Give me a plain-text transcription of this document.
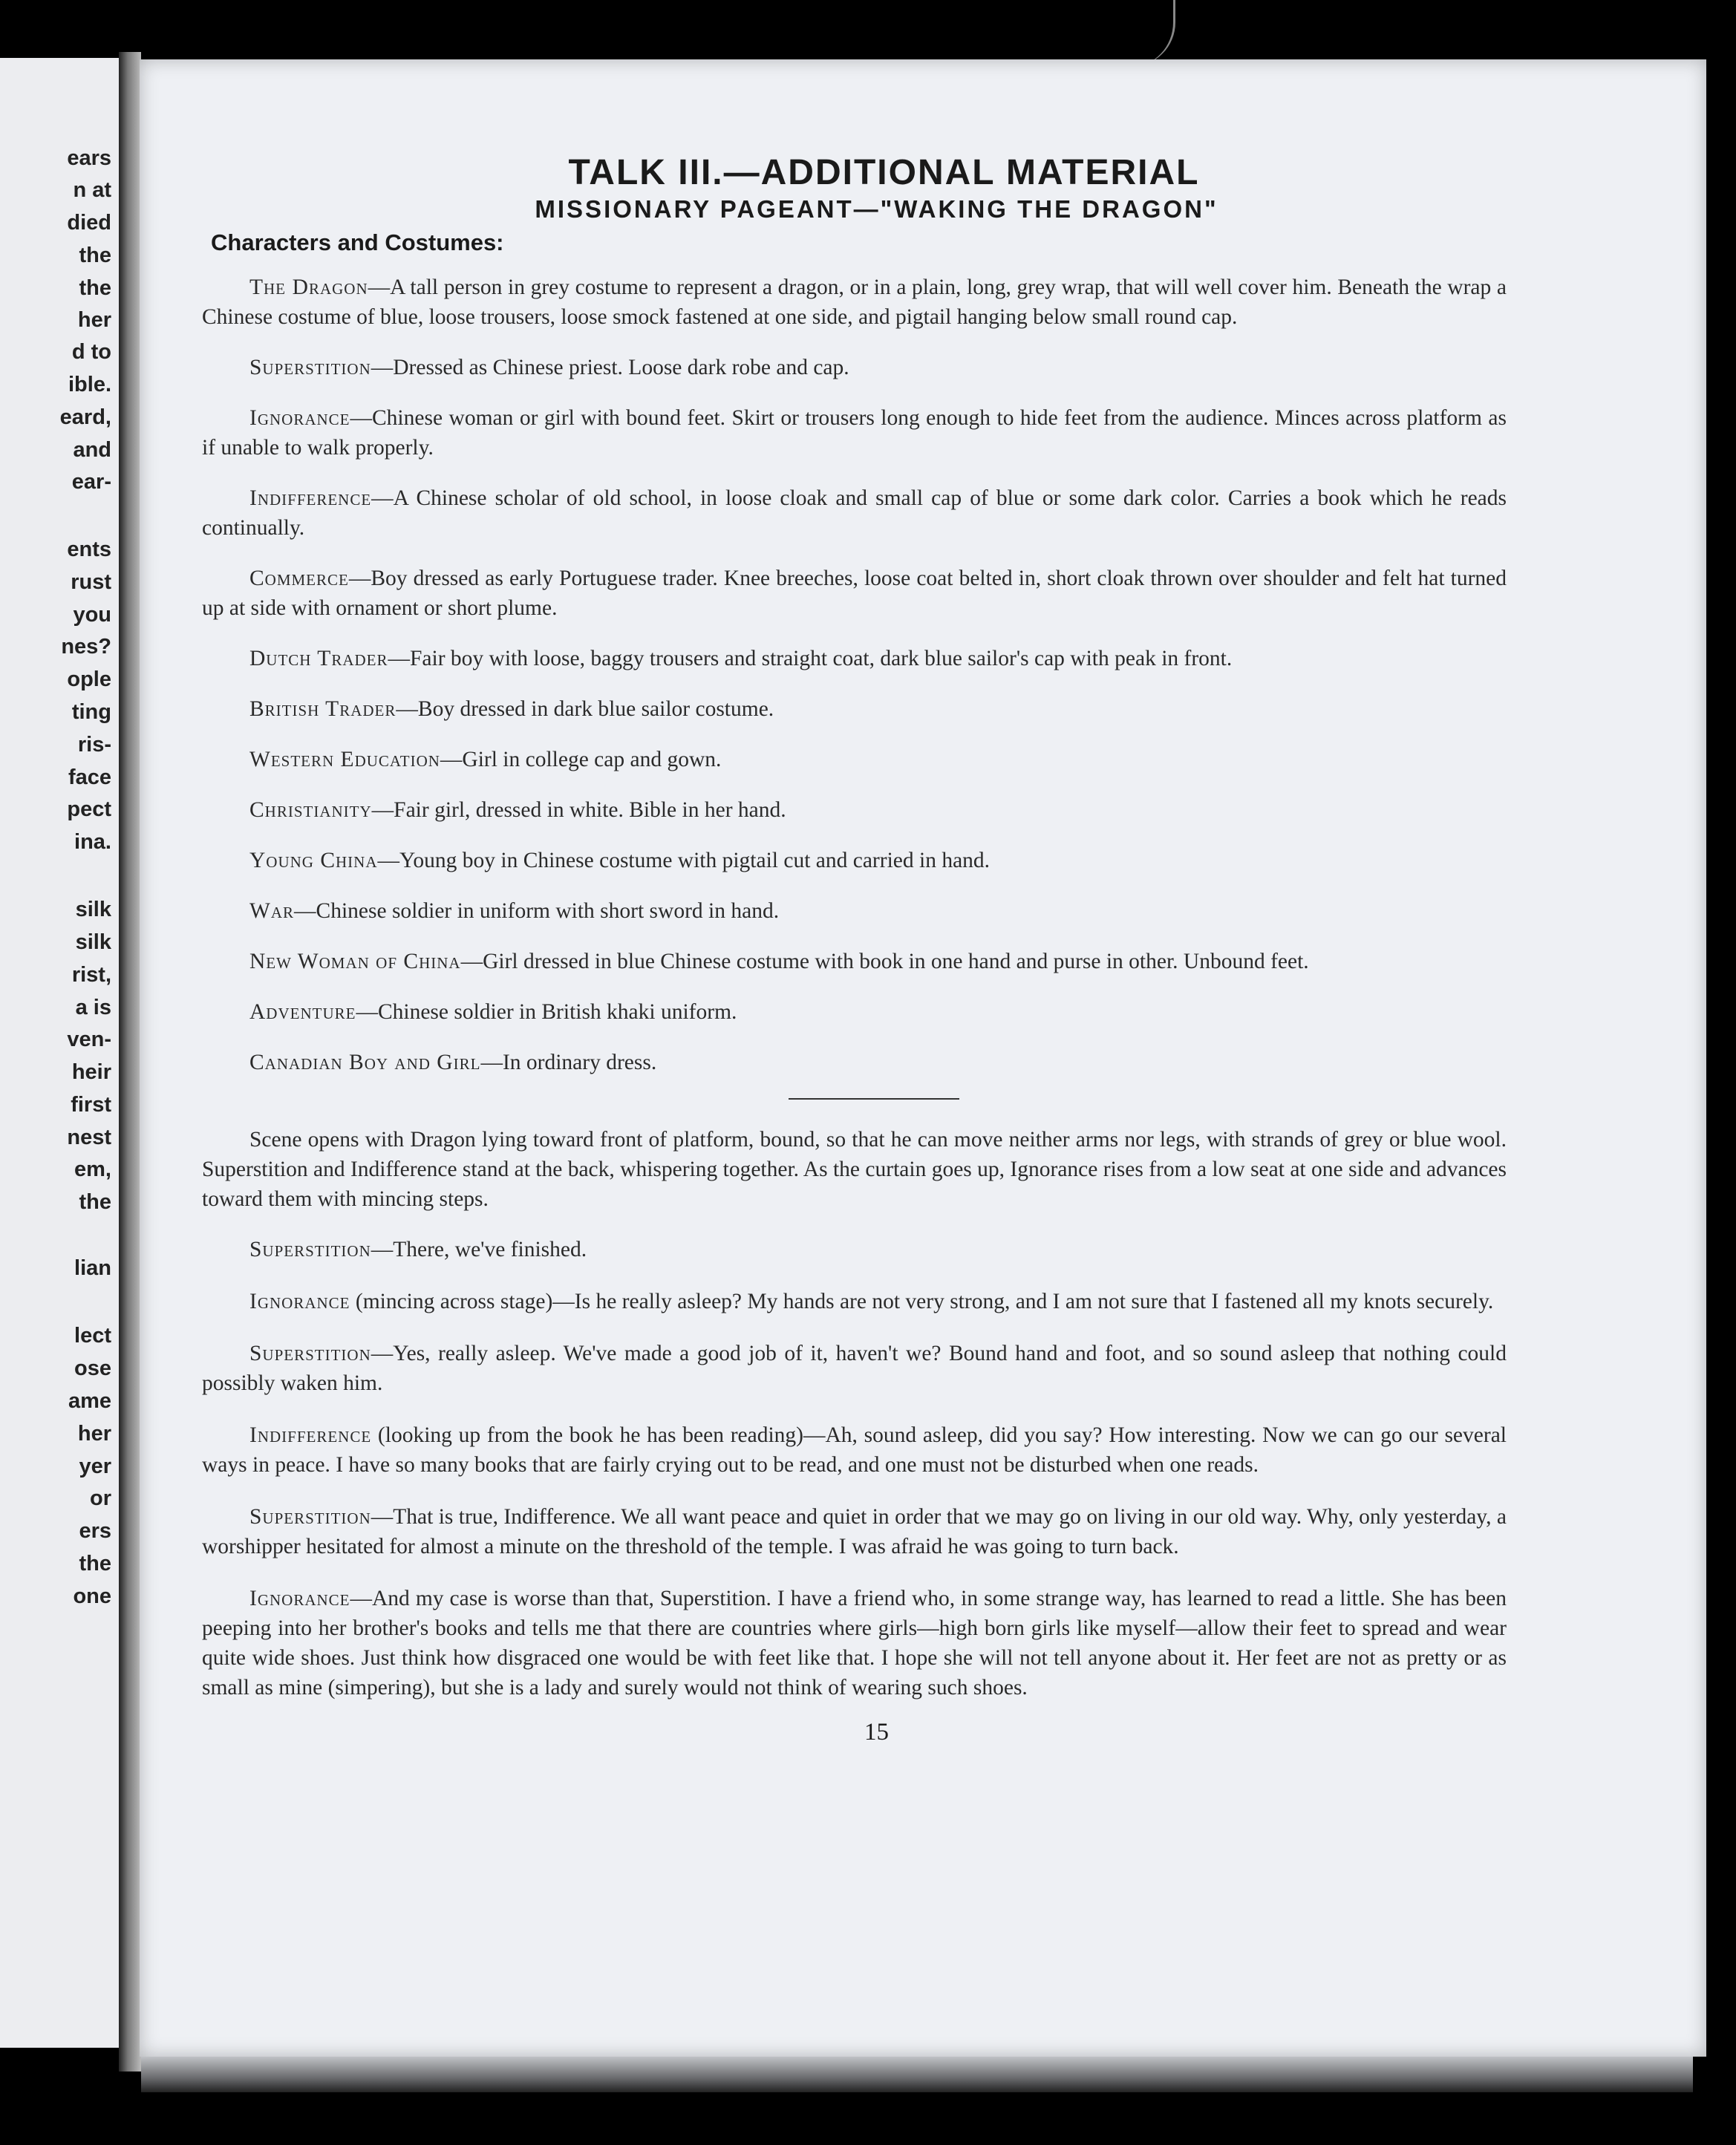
ears
n at
died
the
the
her
d to
ible.
eard,
and
ear-
ents
rust
you
nes?
ople
ting
ris-
face
pect
ina.
silk
silk
rist,
a is
ven-
heir
first
nest
em,
the
lian
lect
ose
ame
her
yer
or
ers
the
one
TALK III.—ADDITIONAL MATERIAL
MISSIONARY PAGEANT—"WAKING THE DRAGON"
Characters and Costumes:

The Dragon—A tall person in grey costume to represent a dragon, or in a plain, long, grey wrap, that will well cover him. Beneath the wrap a Chinese costume of blue, loose trousers, loose smock fastened at one side, and pigtail hanging below small round cap.

Superstition—Dressed as Chinese priest. Loose dark robe and cap.

Ignorance—Chinese woman or girl with bound feet. Skirt or trousers long enough to hide feet from the audience. Minces across platform as if unable to walk properly.

Indifference—A Chinese scholar of old school, in loose cloak and small cap of blue or some dark color. Carries a book which he reads continually.

Commerce—Boy dressed as early Portuguese trader. Knee breeches, loose coat belted in, short cloak thrown over shoulder and felt hat turned up at side with ornament or short plume.

Dutch Trader—Fair boy with loose, baggy trousers and straight coat, dark blue sailor's cap with peak in front.

British Trader—Boy dressed in dark blue sailor costume.

Western Education—Girl in college cap and gown.

Christianity—Fair girl, dressed in white. Bible in her hand.

Young China—Young boy in Chinese costume with pigtail cut and carried in hand.

War—Chinese soldier in uniform with short sword in hand.

New Woman of China—Girl dressed in blue Chinese costume with book in one hand and purse in other. Unbound feet.

Adventure—Chinese soldier in British khaki uniform.

Canadian Boy and Girl—In ordinary dress.

Scene opens with Dragon lying toward front of platform, bound, so that he can move neither arms nor legs, with strands of grey or blue wool. Superstition and Indifference stand at the back, whispering together. As the curtain goes up, Ignorance rises from a low seat at one side and advances toward them with mincing steps.

Superstition—There, we've finished.

Ignorance (mincing across stage)—Is he really asleep? My hands are not very strong, and I am not sure that I fastened all my knots securely.

Superstition—Yes, really asleep. We've made a good job of it, haven't we? Bound hand and foot, and so sound asleep that nothing could possibly waken him.

Indifference (looking up from the book he has been reading)—Ah, sound asleep, did you say? How interesting. Now we can go our several ways in peace. I have so many books that are fairly crying out to be read, and one must not be disturbed when one reads.

Superstition—That is true, Indifference. We all want peace and quiet in order that we may go on living in our old way. Why, only yesterday, a worshipper hesitated for almost a minute on the threshold of the temple. I was afraid he was going to turn back.

Ignorance—And my case is worse than that, Superstition. I have a friend who, in some strange way, has learned to read a little. She has been peeping into her brother's books and tells me that there are countries where girls—high born girls like myself—allow their feet to spread and wear quite wide shoes. Just think how disgraced one would be with feet like that. I hope she will not tell anyone about it. Her feet are not as pretty or as small as mine (simpering), but she is a lady and surely would not think of wearing such shoes.

15
